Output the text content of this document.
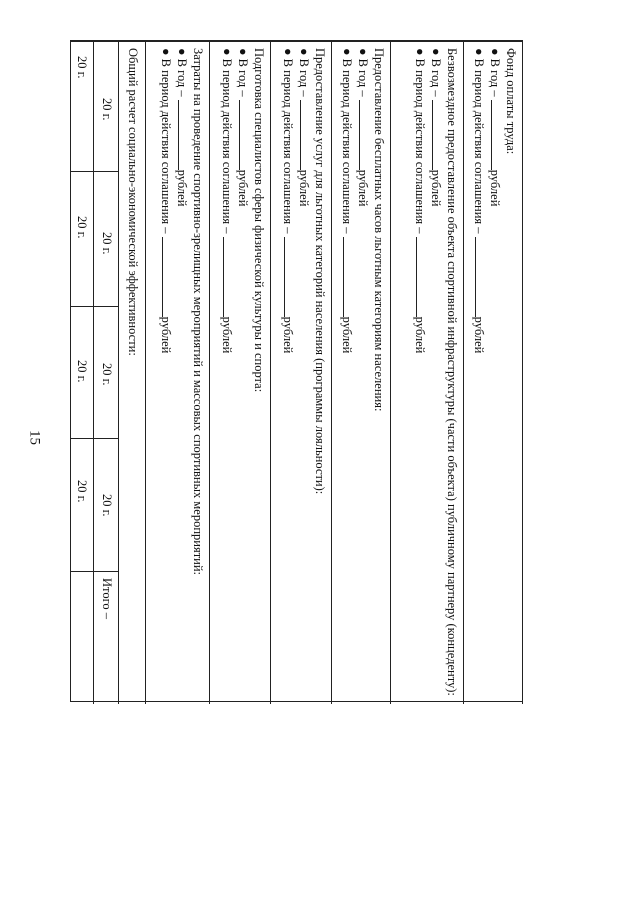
15
Фонд оплаты труда:
● В год – рублей
● В период действия соглашения – рублей
Безвозмездное предоставление объекта спортивной инфраструктуры (части объекта) публичному партнеру (концеденту):
● В год – рублей
● В период действия соглашения – рублей
Предоставление бесплатных часов льготным категориям населения:
● В год – рублей
● В период действия соглашения – рублей
Предоставление услуг для льготных категорий населения (программы лояльности):
● В год – рублей
● В период действия соглашения – рублей
Подготовка специалистов сферы физической культуры и спорта:
● В год – рублей
● В период действия соглашения – рублей
Затраты на проведение спортивно-зрелищных мероприятий и массовых спортивных мероприятий:
● В год – рублей
● В период действия соглашения – рублей
Общий расчет социально-экономической эффективности:
20 г.
20 г.
20 г.
20 г.
Итого –
20 г.
20 г.
20 г.
20 г.
